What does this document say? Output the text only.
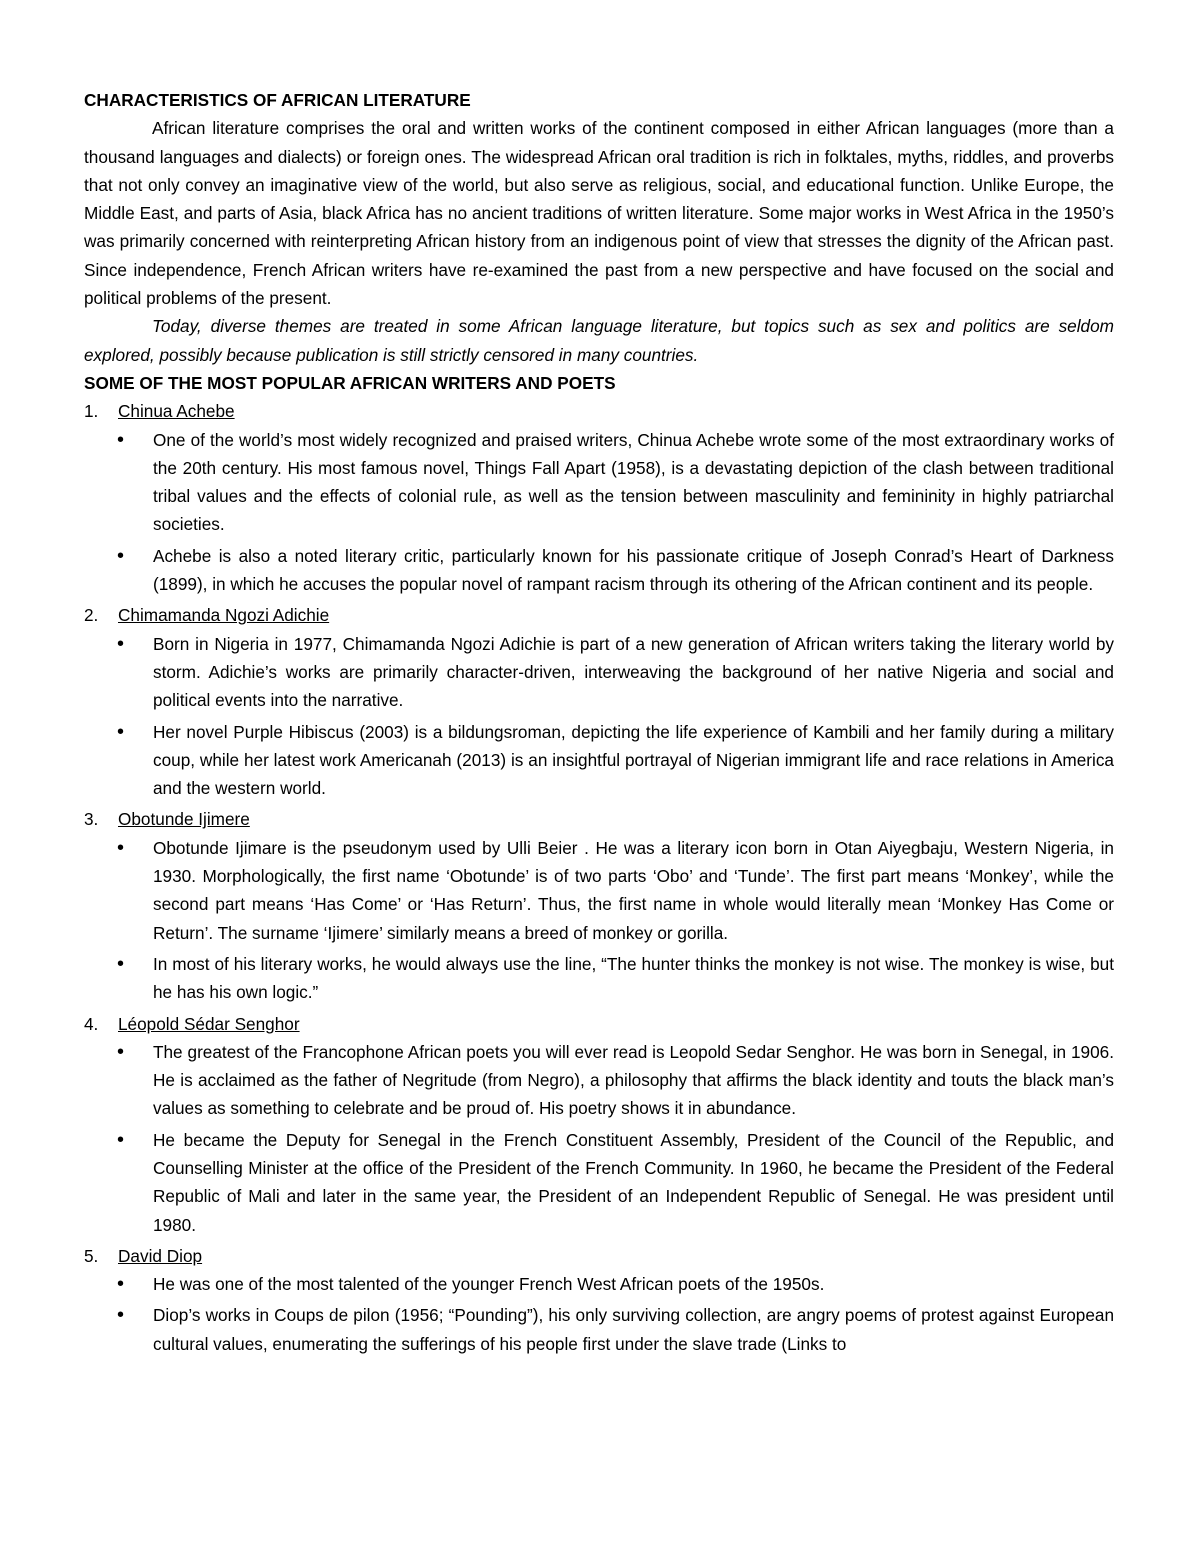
CHARACTERISTICS OF AFRICAN LITERATURE

African literature comprises the oral and written works of the continent composed in either African languages (more than a thousand languages and dialects) or foreign ones. The widespread African oral tradition is rich in folktales, myths, riddles, and proverbs that not only convey an imaginative view of the world, but also serve as religious, social, and educational function. Unlike Europe, the Middle East, and parts of Asia, black Africa has no ancient traditions of written literature. Some major works in West Africa in the 1950’s was primarily concerned with reinterpreting African history from an indigenous point of view that stresses the dignity of the African past. Since independence, French African writers have re-examined the past from a new perspective and have focused on the social and political problems of the present.

Today, diverse themes are treated in some African language literature, but topics such as sex and politics are seldom explored, possibly because publication is still strictly censored in many countries.

SOME OF THE MOST POPULAR AFRICAN WRITERS AND POETS
1. Chinua Achebe
• One of the world’s most widely recognized and praised writers, Chinua Achebe wrote some of the most extraordinary works of the 20th century. His most famous novel, Things Fall Apart (1958), is a devastating depiction of the clash between traditional tribal values and the effects of colonial rule, as well as the tension between masculinity and femininity in highly patriarchal societies.
• Achebe is also a noted literary critic, particularly known for his passionate critique of Joseph Conrad’s Heart of Darkness (1899), in which he accuses the popular novel of rampant racism through its othering of the African continent and its people.
2. Chimamanda Ngozi Adichie
• Born in Nigeria in 1977, Chimamanda Ngozi Adichie is part of a new generation of African writers taking the literary world by storm. Adichie’s works are primarily character-driven, interweaving the background of her native Nigeria and social and political events into the narrative.
• Her novel Purple Hibiscus (2003) is a bildungsroman, depicting the life experience of Kambili and her family during a military coup, while her latest work Americanah (2013) is an insightful portrayal of Nigerian immigrant life and race relations in America and the western world.
3. Obotunde Ijimere
• Obotunde Ijimare is the pseudonym used by Ulli Beier . He was a literary icon born in Otan Aiyegbaju, Western Nigeria, in 1930. Morphologically, the first name ‘Obotunde’ is of two parts ‘Obo’ and ‘Tunde’. The first part means ‘Monkey’, while the second part means ‘Has Come’ or ‘Has Return’. Thus, the first name in whole would literally mean ‘Monkey Has Come or Return’. The surname ‘Ijimere’ similarly means a breed of monkey or gorilla.
• In most of his literary works, he would always use the line, “The hunter thinks the monkey is not wise. The monkey is wise, but he has his own logic.”
4. Léopold Sédar Senghor
• The greatest of the Francophone African poets you will ever read is Leopold Sedar Senghor. He was born in Senegal, in 1906. He is acclaimed as the father of Negritude (from Negro), a philosophy that affirms the black identity and touts the black man’s values as something to celebrate and be proud of. His poetry shows it in abundance.
• He became the Deputy for Senegal in the French Constituent Assembly, President of the Council of the Republic, and Counselling Minister at the office of the President of the French Community. In 1960, he became the President of the Federal Republic of Mali and later in the same year, the President of an Independent Republic of Senegal. He was president until 1980.
5. David Diop
• He was one of the most talented of the younger French West African poets of the 1950s.
• Diop’s works in Coups de pilon (1956; “Pounding”), his only surviving collection, are angry poems of protest against European cultural values, enumerating the sufferings of his people first under the slave trade (Links to
